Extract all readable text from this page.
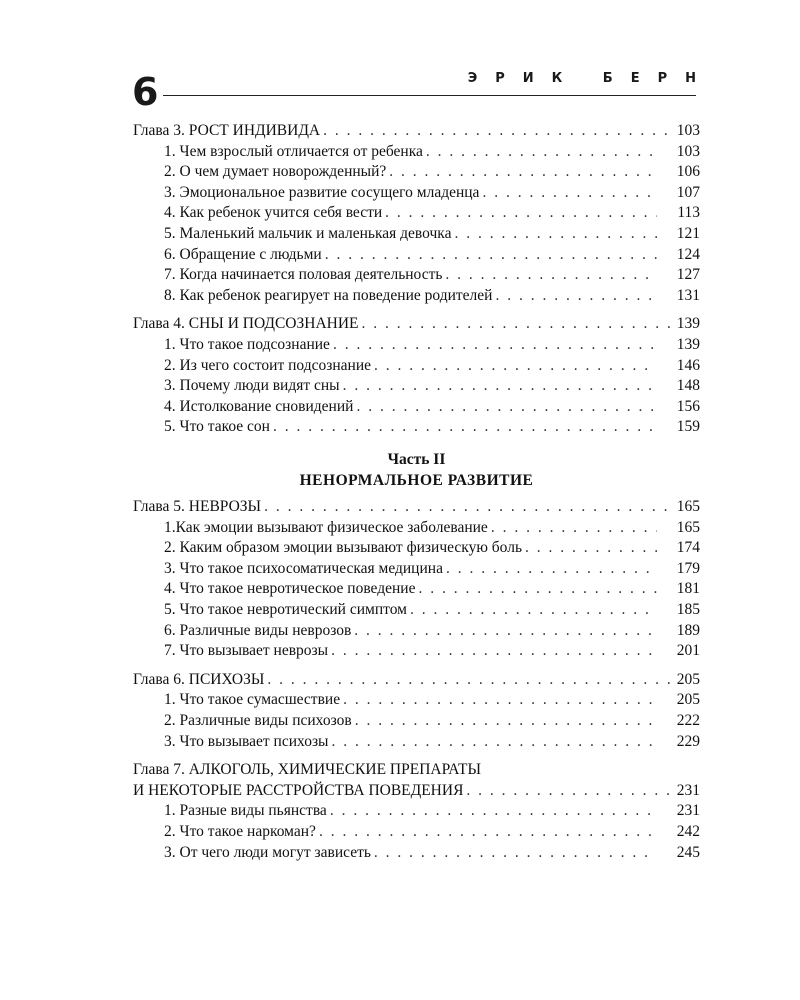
6	ЭРИК БЕРН
Глава 3. РОСТ ИНДИВИДА . . .	103
1. Чем взрослый отличается от ребенка . . .	103
2. О чем думает новорожденный? . . .	106
3. Эмоциональное развитие сосущего младенца . . .	107
4. Как ребенок учится себя вести . . .	113
5. Маленький мальчик и маленькая девочка . . .	121
6. Обращение с людьми . . .	124
7. Когда начинается половая деятельность . . .	127
8. Как ребенок реагирует на поведение родителей . . .	131
Глава 4. СНЫ И ПОДСОЗНАНИЕ . . .	139
1. Что такое подсознание . . .	139
2. Из чего состоит подсознание . . .	146
3. Почему люди видят сны . . .	148
4. Истолкование сновидений . . .	156
5. Что такое сон . . .	159
Часть II
НЕНОРМАЛЬНОЕ РАЗВИТИЕ
Глава 5. НЕВРОЗЫ . . .	165
1.Как эмоции вызывают физическое заболевание . . .	165
2. Каким образом эмоции вызывают физическую боль . . .	174
3. Что такое психосоматическая медицина . . .	179
4. Что такое невротическое поведение . . .	181
5. Что такое невротический симптом . . .	185
6. Различные виды неврозов . . .	189
7. Что вызывает неврозы . . .	201
Глава 6. ПСИХОЗЫ . . .	205
1. Что такое сумасшествие . . .	205
2. Различные виды психозов . . .	222
3. Что вызывает психозы . . .	229
Глава 7. АЛКОГОЛЬ, ХИМИЧЕСКИЕ ПРЕПАРАТЫ
И НЕКОТОРЫЕ РАССТРОЙСТВА ПОВЕДЕНИЯ . . .	231
1. Разные виды пьянства . . .	231
2. Что такое наркоман? . . .	242
3. От чего люди могут зависеть . . .	245
